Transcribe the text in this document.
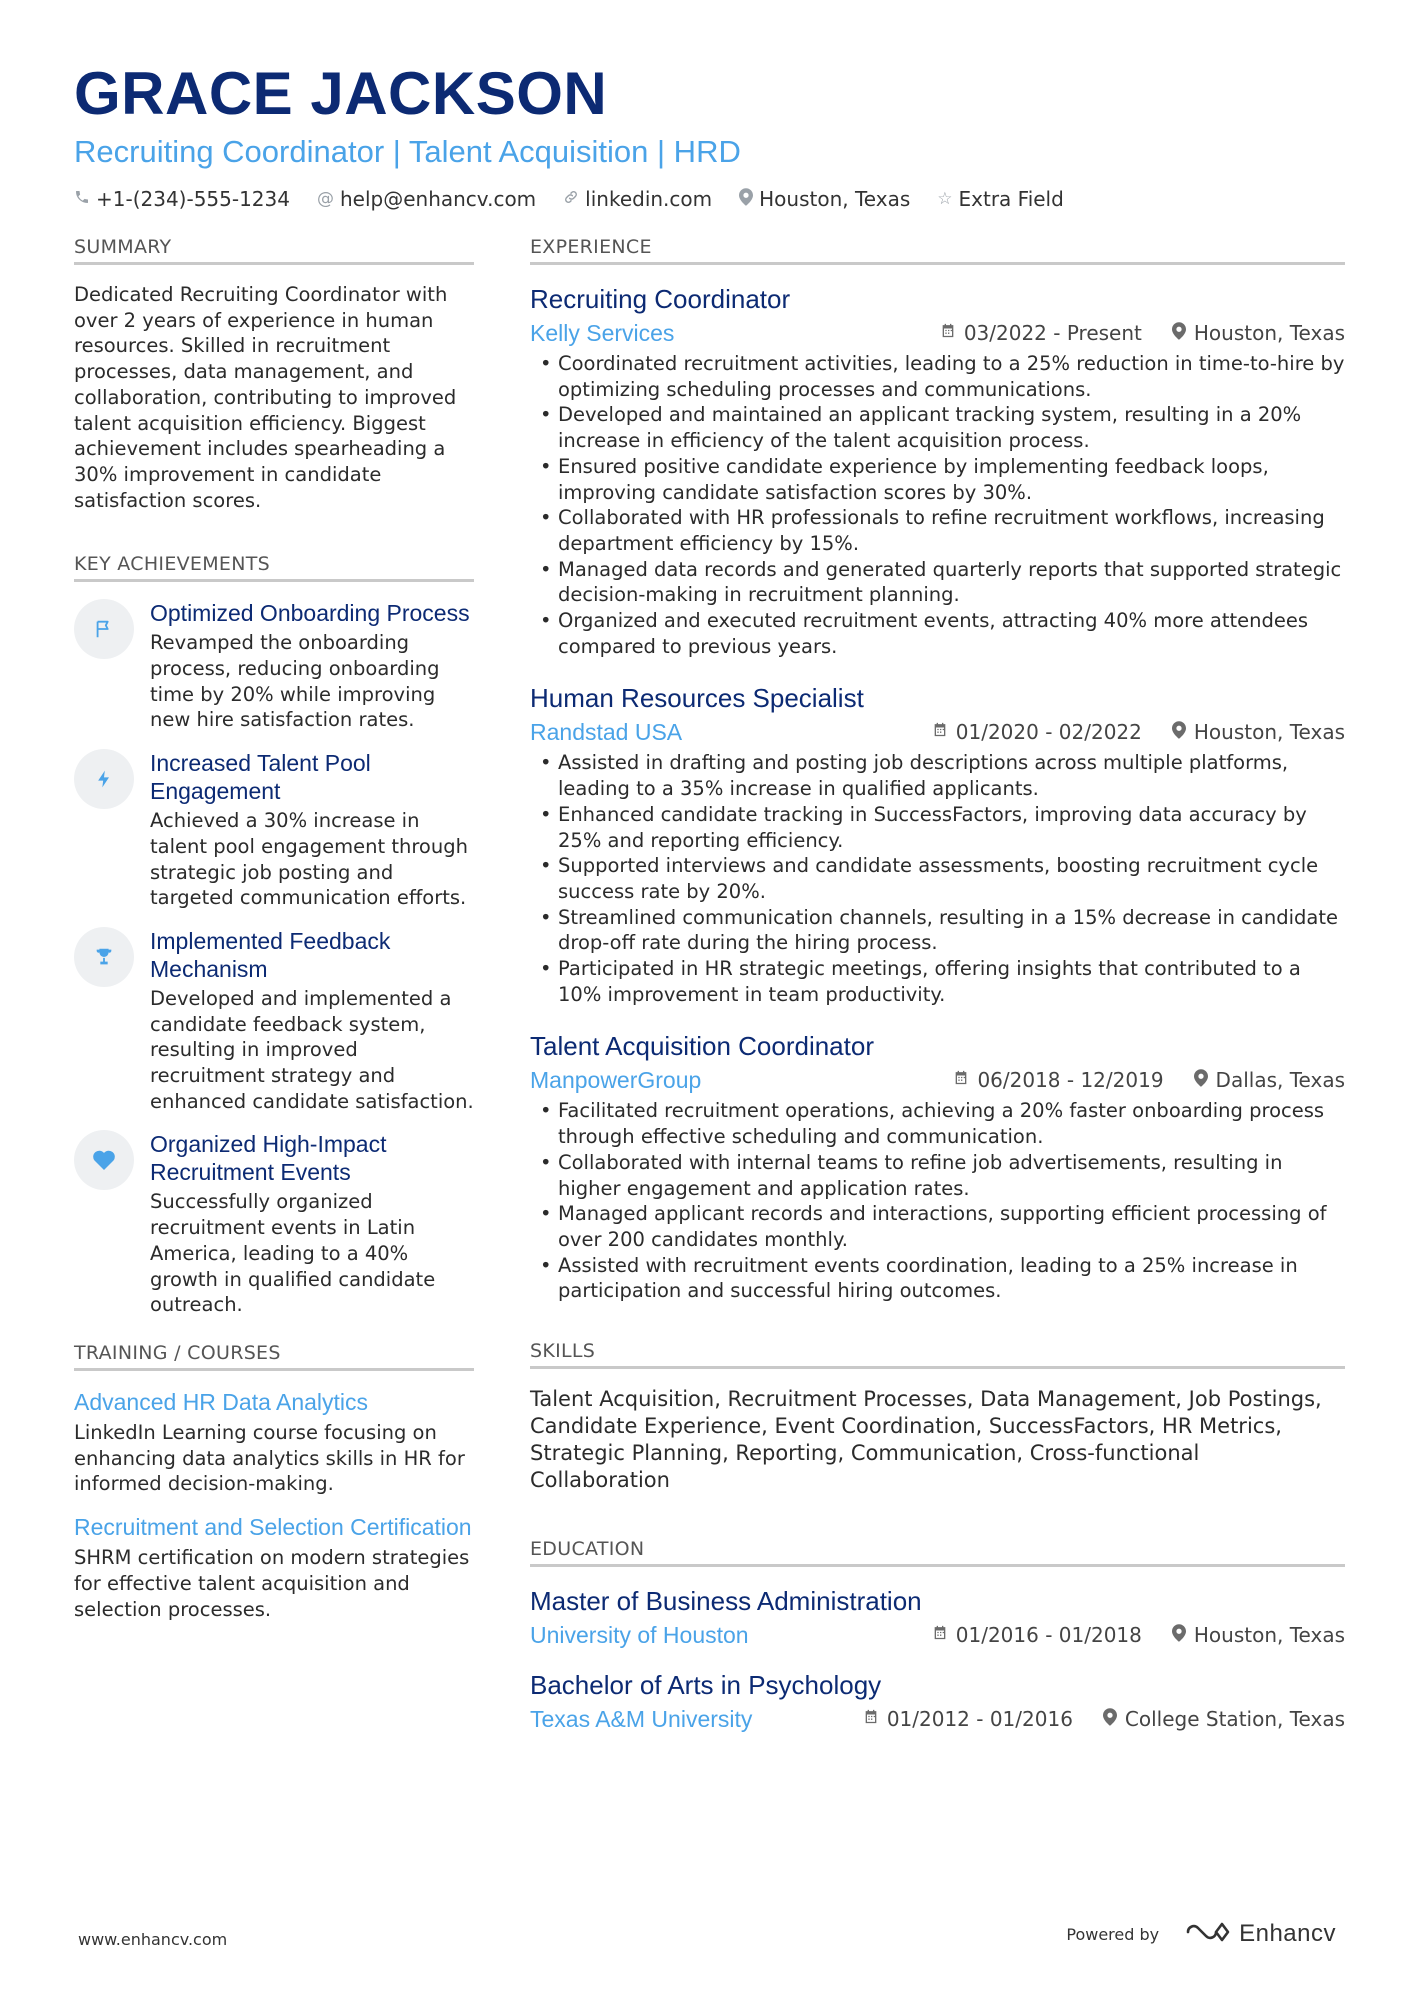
GRACE JACKSON
Recruiting Coordinator | Talent Acquisition | HRD
+1-(234)-555-1234 @ help@enhancv.com linkedin.com Houston, Texas ☆ Extra Field
SUMMARY
Dedicated Recruiting Coordinator with over 2 years of experience in human resources. Skilled in recruitment processes, data management, and collaboration, contributing to improved talent acquisition efficiency. Biggest achievement includes spearheading a 30% improvement in candidate satisfaction scores.
KEY ACHIEVEMENTS
Optimized Onboarding Process
Revamped the onboarding process, reducing onboarding time by 20% while improving new hire satisfaction rates.
Increased Talent Pool Engagement
Achieved a 30% increase in talent pool engagement through strategic job posting and targeted communication efforts.
Implemented Feedback Mechanism
Developed and implemented a candidate feedback system, resulting in improved recruitment strategy and enhanced candidate satisfaction.
Organized High-Impact Recruitment Events
Successfully organized recruitment events in Latin America, leading to a 40% growth in qualified candidate outreach.
TRAINING / COURSES
Advanced HR Data Analytics
LinkedIn Learning course focusing on enhancing data analytics skills in HR for informed decision-making.
Recruitment and Selection Certification
SHRM certification on modern strategies for effective talent acquisition and selection processes.
EXPERIENCE
Recruiting Coordinator
Kelly Services	03/2022 - Present	Houston, Texas
• Coordinated recruitment activities, leading to a 25% reduction in time-to-hire by optimizing scheduling processes and communications.
• Developed and maintained an applicant tracking system, resulting in a 20% increase in efficiency of the talent acquisition process.
• Ensured positive candidate experience by implementing feedback loops, improving candidate satisfaction scores by 30%.
• Collaborated with HR professionals to refine recruitment workflows, increasing department efficiency by 15%.
• Managed data records and generated quarterly reports that supported strategic decision-making in recruitment planning.
• Organized and executed recruitment events, attracting 40% more attendees compared to previous years.
Human Resources Specialist
Randstad USA	01/2020 - 02/2022	Houston, Texas
• Assisted in drafting and posting job descriptions across multiple platforms, leading to a 35% increase in qualified applicants.
• Enhanced candidate tracking in SuccessFactors, improving data accuracy by 25% and reporting efficiency.
• Supported interviews and candidate assessments, boosting recruitment cycle success rate by 20%.
• Streamlined communication channels, resulting in a 15% decrease in candidate drop-off rate during the hiring process.
• Participated in HR strategic meetings, offering insights that contributed to a 10% improvement in team productivity.
Talent Acquisition Coordinator
ManpowerGroup	06/2018 - 12/2019	Dallas, Texas
• Facilitated recruitment operations, achieving a 20% faster onboarding process through effective scheduling and communication.
• Collaborated with internal teams to refine job advertisements, resulting in higher engagement and application rates.
• Managed applicant records and interactions, supporting efficient processing of over 200 candidates monthly.
• Assisted with recruitment events coordination, leading to a 25% increase in participation and successful hiring outcomes.
SKILLS
Talent Acquisition, Recruitment Processes, Data Management, Job Postings, Candidate Experience, Event Coordination, SuccessFactors, HR Metrics, Strategic Planning, Reporting, Communication, Cross-functional Collaboration
EDUCATION
Master of Business Administration
University of Houston	01/2016 - 01/2018	Houston, Texas
Bachelor of Arts in Psychology
Texas A&M University	01/2012 - 01/2016	College Station, Texas
www.enhancv.com	Powered by	Enhancv
